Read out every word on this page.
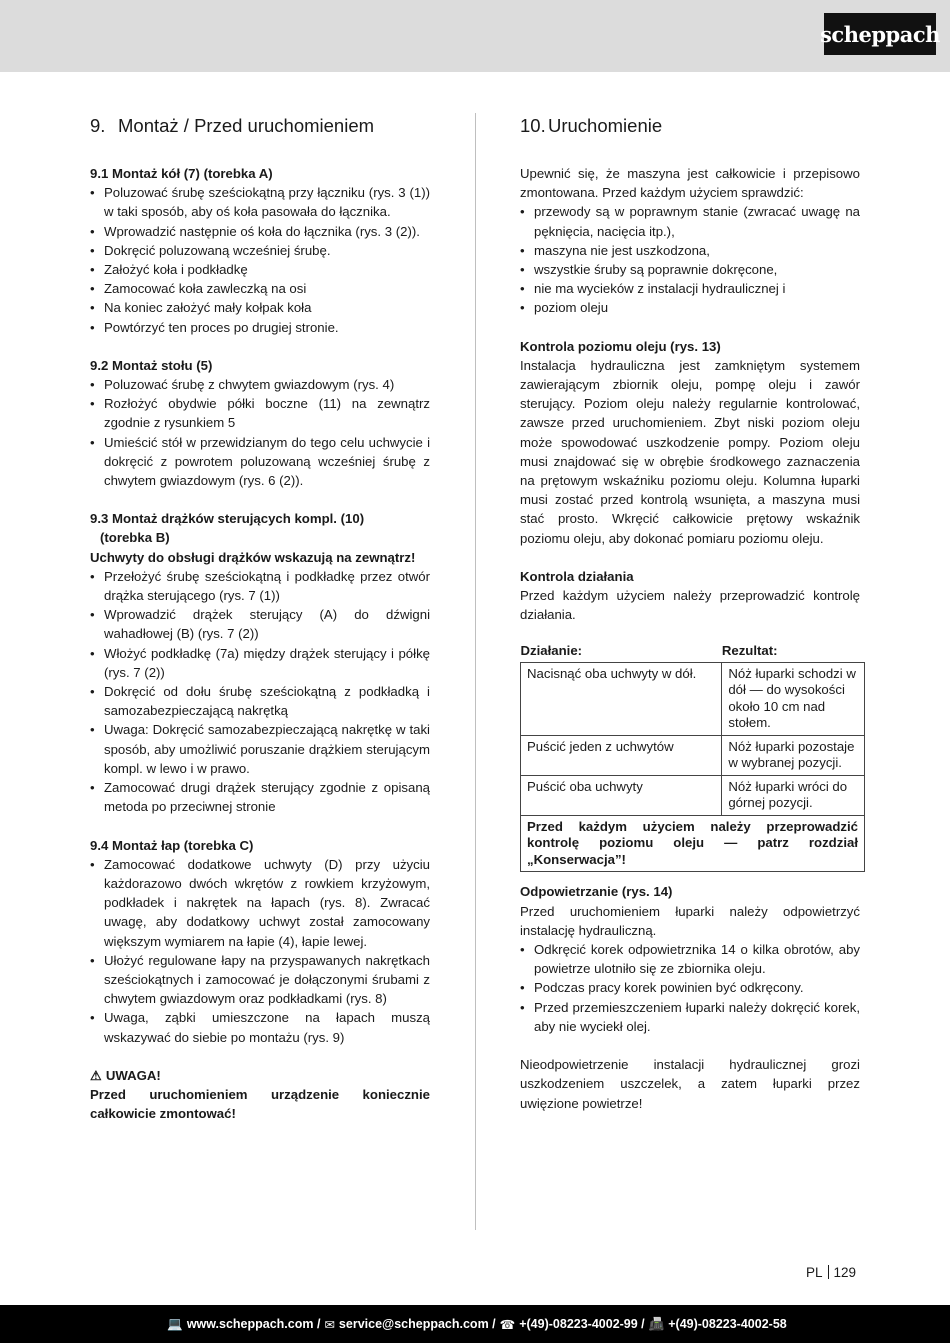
scheppach
9. Montaż / Przed uruchomieniem
9.1 Montaż kół (7) (torebka A)
• Poluzować śrubę sześciokątną przy łączniku (rys. 3 (1)) w taki sposób, aby oś koła pasowała do łącznika.
• Wprowadzić następnie oś koła do łącznika (rys. 3 (2)).
• Dokręcić poluzowaną wcześniej śrubę.
• Założyć koła i podkładkę
• Zamocować koła zawleczką na osi
• Na koniec założyć mały kołpak koła
• Powtórzyć ten proces po drugiej stronie.
9.2 Montaż stołu (5)
• Poluzować śrubę z chwytem gwiazdowym (rys. 4)
• Rozłożyć obydwie półki boczne (11) na zewnątrz zgodnie z rysunkiem 5
• Umieścić stół w przewidzianym do tego celu uchwycie i dokręcić z powrotem poluzowaną wcześniej śrubę z chwytem gwiazdowym (rys. 6 (2)).
9.3 Montaż drążków sterujących kompl. (10)
(torebka B)

Uchwyty do obsługi drążków wskazują na zewnątrz!

• Przełożyć śrubę sześciokątną i podkładkę przez otwór drążka sterującego (rys. 7 (1))
• Wprowadzić drążek sterujący (A) do dźwigni wahadłowej (B) (rys. 7 (2))
• Włożyć podkładkę (7a) między drążek sterujący i półkę (rys. 7 (2))
• Dokręcić od dołu śrubę sześciokątną z podkładką i samozabezpieczającą nakrętką
• Uwaga: Dokręcić samozabezpieczającą nakrętkę w taki sposób, aby umożliwić poruszanie drążkiem sterującym kompl. w lewo i w prawo.
• Zamocować drugi drążek sterujący zgodnie z opisaną metoda po przeciwnej stronie
9.4 Montaż łap (torebka C)
• Zamocować dodatkowe uchwyty (D) przy użyciu każdorazowo dwóch wkrętów z rowkiem krzyżowym, podkładek i nakrętek na łapach (rys. 8). Zwracać uwagę, aby dodatkowy uchwyt został zamocowany większym wymiarem na łapie (4), łapie lewej.
• Ułożyć regulowane łapy na przyspawanych nakrętkach sześciokątnych i zamocować je dołączonymi śrubami z chwytem gwiazdowym oraz podkładkami (rys. 8)
• Uwaga, ząbki umieszczone na łapach muszą wskazywać do siebie po montażu (rys. 9)

⚠ UWAGA!

Przed uruchomieniem urządzenie koniecznie całkowicie zmontować!

10. Uruchomienie

Upewnić się, że maszyna jest całkowicie i przepisowo zmontowana. Przed każdym użyciem sprawdzić:

• przewody są w poprawnym stanie (zwracać uwagę na pęknięcia, nacięcia itp.),
• maszyna nie jest uszkodzona,
• wszystkie śruby są poprawnie dokręcone,
• nie ma wycieków z instalacji hydraulicznej i
• poziom oleju
Kontrola poziomu oleju (rys. 13)

Instalacja hydrauliczna jest zamkniętym systemem zawierającym zbiornik oleju, pompę oleju i zawór sterujący. Poziom oleju należy regularnie kontrolować, zawsze przed uruchomieniem. Zbyt niski poziom oleju może spowodować uszkodzenie pompy. Poziom oleju musi znajdować się w obrębie środkowego zaznaczenia na prętowym wskaźniku poziomu oleju. Kolumna łuparki musi zostać przed kontrolą wsunięta, a maszyna musi stać prosto. Wkręcić całkowicie prętowy wskaźnik poziomu oleju, aby dokonać pomiaru poziomu oleju.

Kontrola działania

Przed każdym użyciem należy przeprowadzić kontrolę działania.

Działanie:	Rezultat:
Nacisnąć oba uchwyty w dół.	Nóż łuparki schodzi w dół — do wysokości około 10 cm nad stołem.
Puścić jeden z uchwytów	Nóż łuparki pozostaje w wybranej pozycji.
Puścić oba uchwyty	Nóż łuparki wróci do górnej pozycji.
Przed każdym użyciem należy przeprowadzić kontrolę poziomu oleju — patrz rozdział „Konserwacja”!	
Odpowietrzanie (rys. 14)

Przed uruchomieniem łuparki należy odpowietrzyć instalację hydrauliczną.

• Odkręcić korek odpowietrznika 14 o kilka obrotów, aby powietrze ulotniło się ze zbiornika oleju.
• Podczas pracy korek powinien być odkręcony.
• Przed przemieszczeniem łuparki należy dokręcić korek, aby nie wyciekł olej.

Nieodpowietrzenie instalacji hydraulicznej grozi uszkodzeniem uszczelek, a zatem łuparki przez uwięzione powietrze!

PL 129
💻 www.scheppach.com / ✉ service@scheppach.com / ☎ +(49)-08223-4002-99 / 📠 +(49)-08223-4002-58
